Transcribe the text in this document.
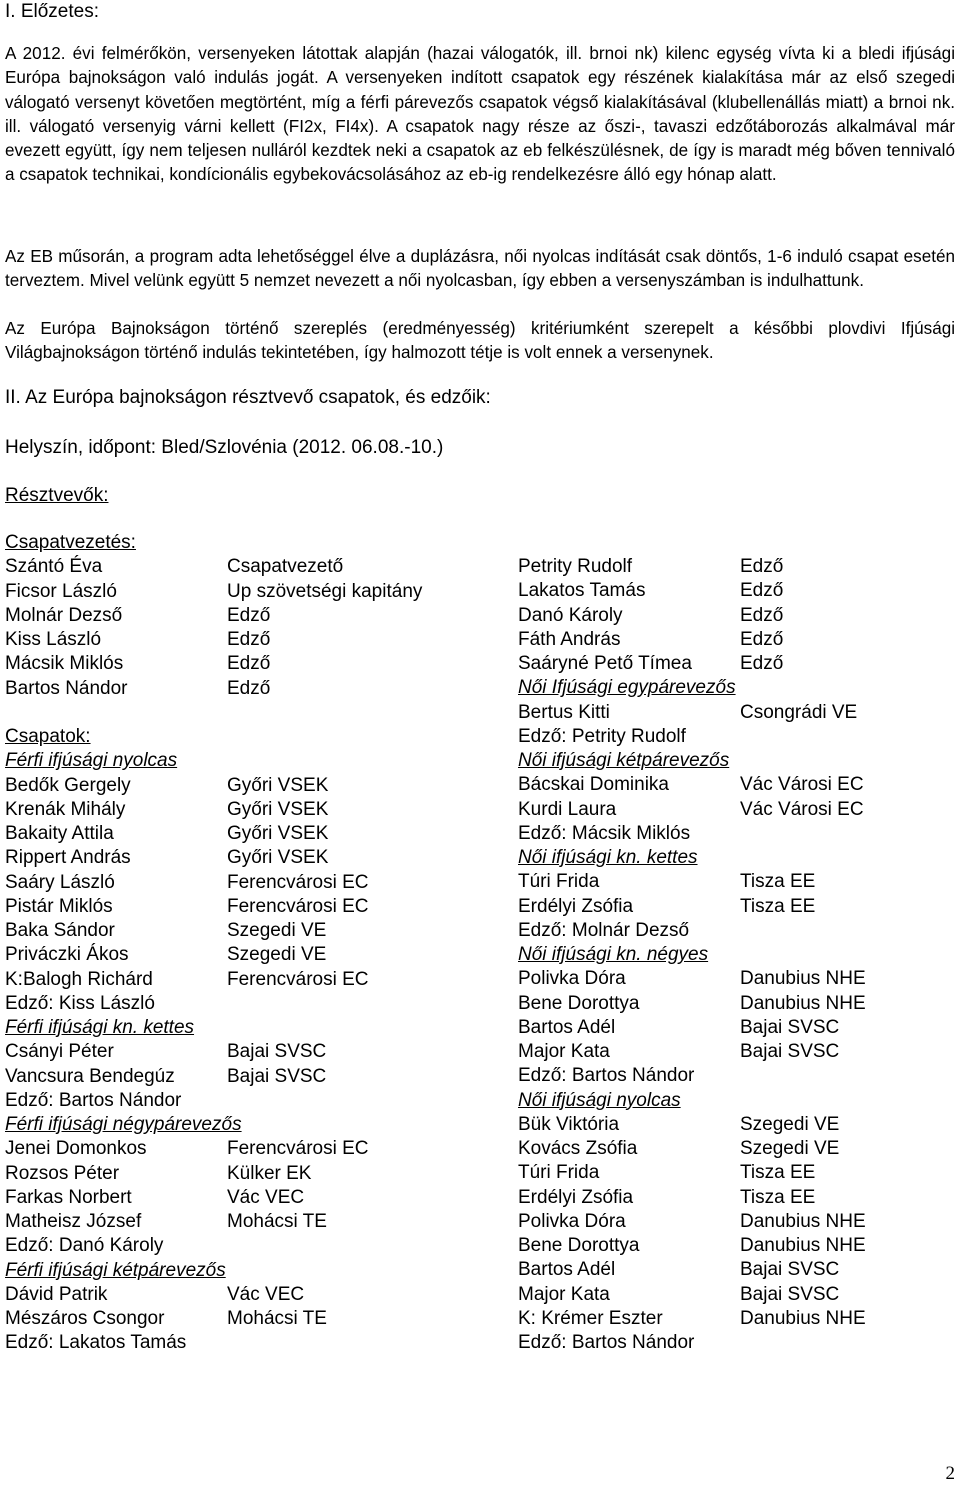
I. Előzetes:

A 2012. évi felmérőkön, versenyeken látottak alapján (hazai válogatók, ill. brnoi nk) kilenc egység vívta ki a bledi ifjúsági Európa bajnokságon való indulás jogát. A versenyeken indított csapatok egy részének kialakítása már az első szegedi válogató versenyt követően megtörtént, míg a férfi párevezős csapatok végső kialakításával (klubellenállás miatt) a brnoi nk. ill. válogató versenyig várni kellett (FI2x, FI4x). A csapatok nagy része az őszi-, tavaszi edzőtáborozás alkalmával már evezett együtt, így nem teljesen nulláról kezdtek neki a csapatok az eb felkészülésnek, de így is maradt még bőven tennivaló a csapatok technikai, kondícionális egybekovácsolásához az eb-ig rendelkezésre álló egy hónap alatt.

Az EB műsorán, a program adta lehetőséggel élve a duplázásra, női nyolcas indítását csak döntős, 1-6 induló csapat esetén terveztem. Mivel velünk együtt 5 nemzet nevezett a női nyolcasban, így ebben a versenyszámban is indulhattunk.

Az Európa Bajnokságon történő szereplés (eredményesség) kritériumként szerepelt a későbbi plovdivi Ifjúsági Világbajnokságon történő indulás tekintetében, így halmozott tétje is volt ennek a versenynek.

II. Az Európa bajnokságon résztvevő csapatok, és edzőik:
Helyszín, időpont: Bled/Szlovénia (2012. 06.08.-10.)
Résztvevők:
Csapatvezetés:
Szántó Éva	Csapatvezető
Ficsor László	Up szövetségi kapitány
Molnár Dezső	Edző
Kiss László	Edző
Mácsik Miklós	Edző
Bartos Nándor	Edző
Csapatok:
Férfi ifjúsági nyolcas
Bedők Gergely	Győri VSEK
Krenák Mihály	Győri VSEK
Bakaity Attila	Győri VSEK
Rippert András	Győri VSEK
Saáry László	Ferencvárosi EC
Pistár Miklós	Ferencvárosi EC
Baka Sándor	Szegedi VE
Priváczki Ákos	Szegedi VE
K:Balogh Richárd	Ferencvárosi EC
Edző: Kiss László
Férfi ifjúsági kn. kettes
Csányi Péter	Bajai SVSC
Vancsura Bendegúz	Bajai SVSC
Edző: Bartos Nándor
Férfi ifjúsági négypárevezős
Jenei Domonkos	Ferencvárosi EC
Rozsos Péter	Külker EK
Farkas Norbert	Vác VEC
Matheisz József	Mohácsi TE
Edző: Danó Károly
Férfi ifjúsági kétpárevezős
Dávid Patrik	Vác VEC
Mészáros Csongor	Mohácsi TE
Edző: Lakatos Tamás
Petrity Rudolf	Edző
Lakatos Tamás	Edző
Danó Károly	Edző
Fáth András	Edző
Saáryné Pető Tímea	Edző
Női Ifjúsági egypárevezős
Bertus Kitti	Csongrádi VE
Edző: Petrity Rudolf
Női ifjúsági kétpárevezős
Bácskai Dominika	Vác Városi EC
Kurdi Laura	Vác Városi EC
Edző: Mácsik Miklós
Női ifjúsági kn. kettes
Túri Frida	Tisza EE
Erdélyi Zsófia	Tisza EE
Edző: Molnár Dezső
Női ifjúsági kn. négyes
Polivka Dóra	Danubius NHE
Bene Dorottya	Danubius NHE
Bartos Adél	Bajai SVSC
Major Kata	Bajai SVSC
Edző: Bartos Nándor
Női ifjúsági nyolcas
Bük Viktória	Szegedi VE
Kovács Zsófia	Szegedi VE
Túri Frida	Tisza EE
Erdélyi Zsófia	Tisza EE
Polivka Dóra	Danubius NHE
Bene Dorottya	Danubius NHE
Bartos Adél	Bajai SVSC
Major Kata	Bajai SVSC
K: Krémer Eszter	Danubius NHE
Edző: Bartos Nándor
2
